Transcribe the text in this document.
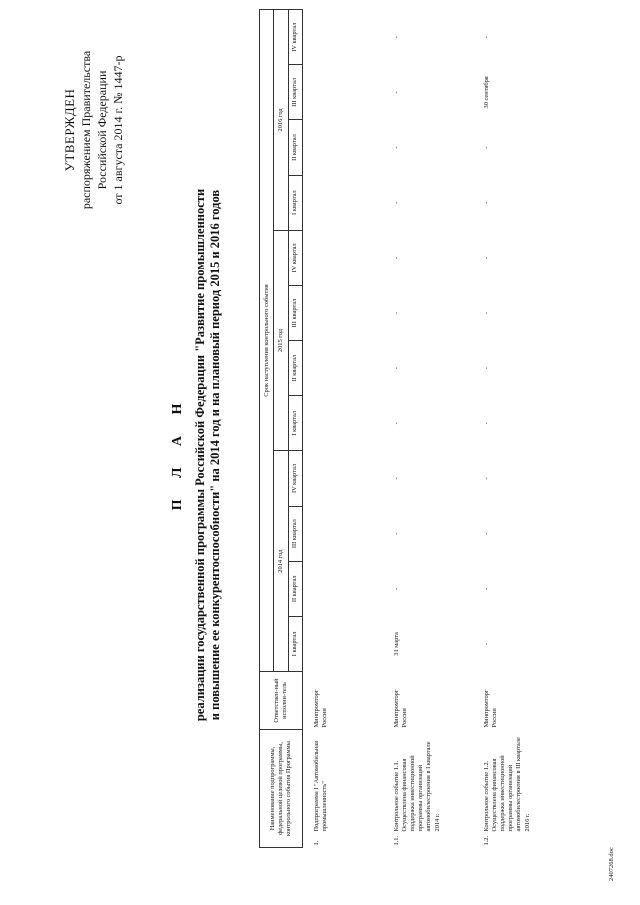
УТВЕРЖДЕН распоряжением Правительства Российской Федерации от 1 августа 2014 г. № 1447-р
П Л А Н реализации государственной программы Российской Федерации "Развитие промышленности и повышение ее конкурентоспособности" на 2014 год и на плановый период 2015 и 2016 годов
Наименование подпрограммы, федеральной целевой программы, контрольного события Программы	Ответствен-ный исполни-тель	Срок наступления контрольного события											
		2014 год				2015 год				2016 год			
		I квартал	II квартал	III квартал	IV квартал	I квартал	II квартал	III квартал	IV квартал	I квартал	II квартал	III квартал	IV квартал
1.Подпрограмма I "Автомобильная промышленность"	Минпромторг России												
1.1.Контрольное событие 1.1. Осуществлена финансовая поддержка инвестиционной программы организаций автомобилестроения в I квартале 2014 г.	Минпромторг России	31 марта	-	-	-	-	-	-	-	-	-	-	-
1.2.Контрольное событие 1.2. Осуществлена финансовая поддержка инвестиционной программы организаций автомобилестроения в III квартале 2016 г.	Минпромторг России	-	-	-	-	-	-	-	-	-	-	30 сентября	-
2407268.doc
